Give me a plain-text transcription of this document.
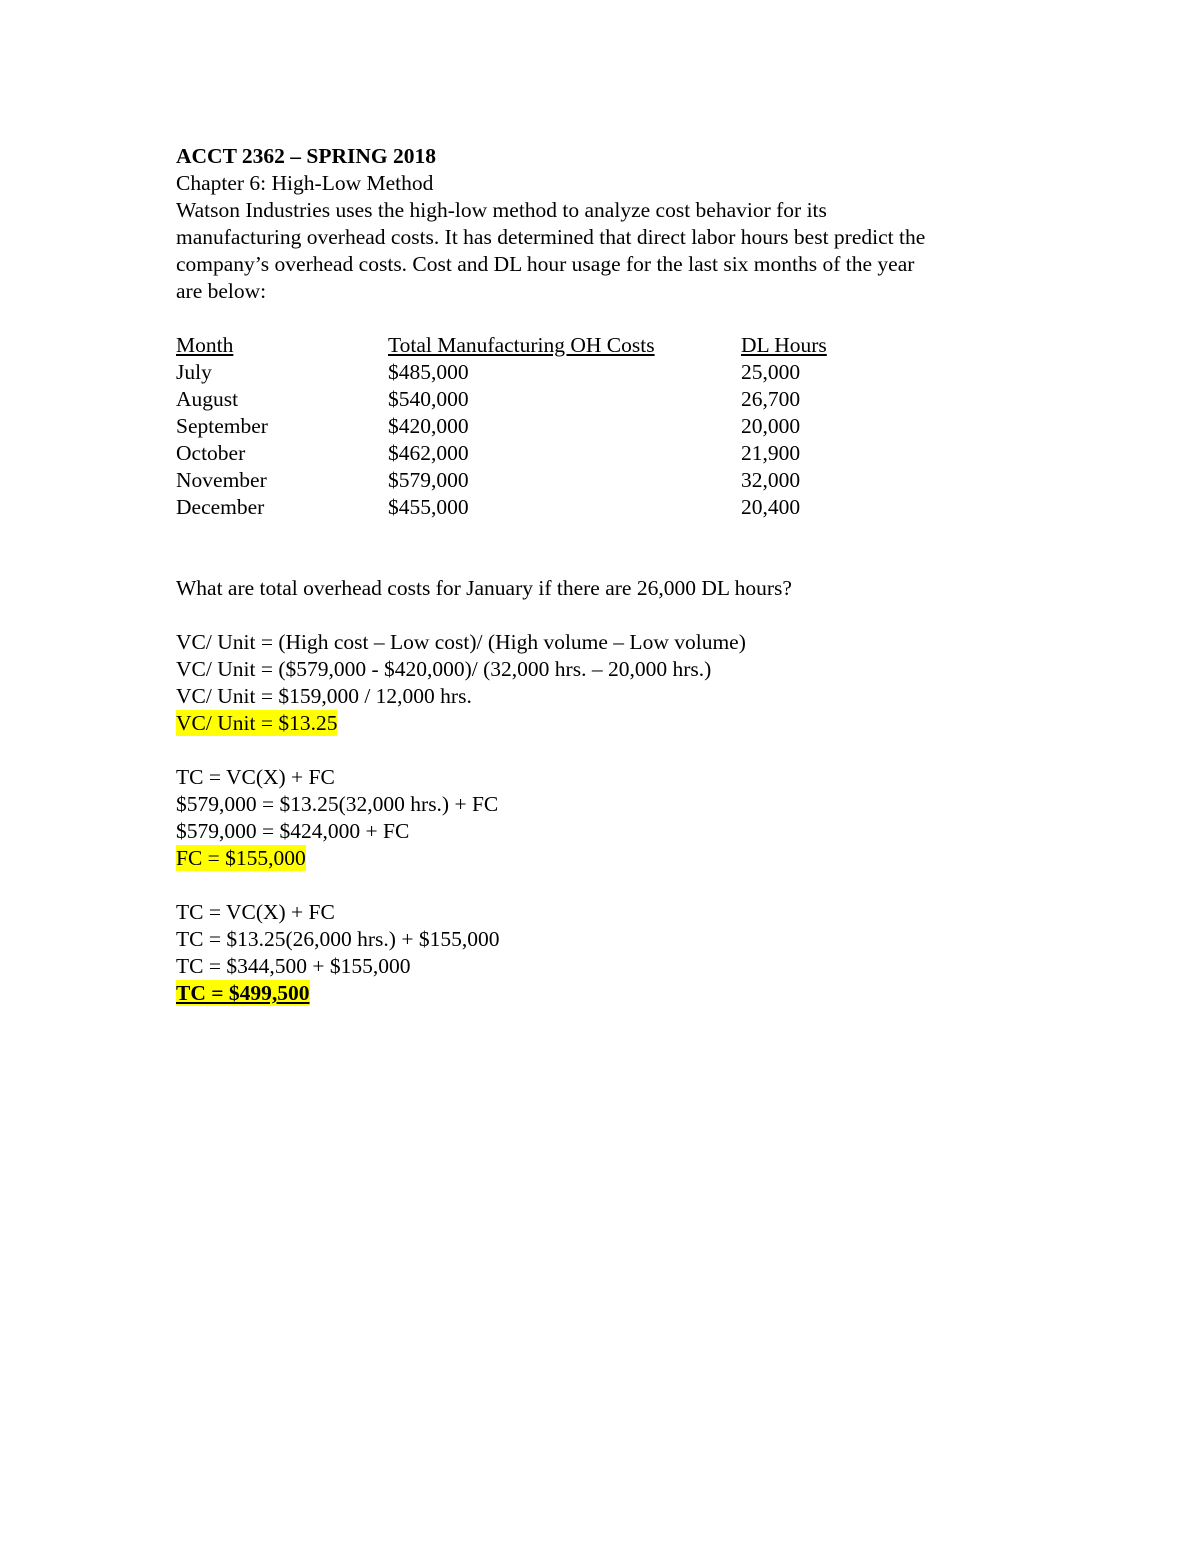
ACCT 2362 – SPRING 2018
Chapter 6: High-Low Method
Watson Industries uses the high-low method to analyze cost behavior for its
manufacturing overhead costs. It has determined that direct labor hours best predict the
company’s overhead costs. Cost and DL hour usage for the last six months of the year
are below:
Month	Total Manufacturing OH Costs	DL Hours
July	$485,000	25,000
August	$540,000	26,700
September	$420,000	20,000
October	$462,000	21,900
November	$579,000	32,000
December	$455,000	20,400
What are total overhead costs for January if there are 26,000 DL hours?
VC/ Unit = (High cost – Low cost)/ (High volume – Low volume)
VC/ Unit = ($579,000 - $420,000)/ (32,000 hrs. – 20,000 hrs.)
VC/ Unit = $159,000 / 12,000 hrs.
VC/ Unit = $13.25
TC = VC(X) + FC
$579,000 = $13.25(32,000 hrs.) + FC
$579,000 = $424,000 + FC
FC = $155,000
TC = VC(X) + FC
TC = $13.25(26,000 hrs.) + $155,000
TC = $344,500 + $155,000
TC = $499,500
